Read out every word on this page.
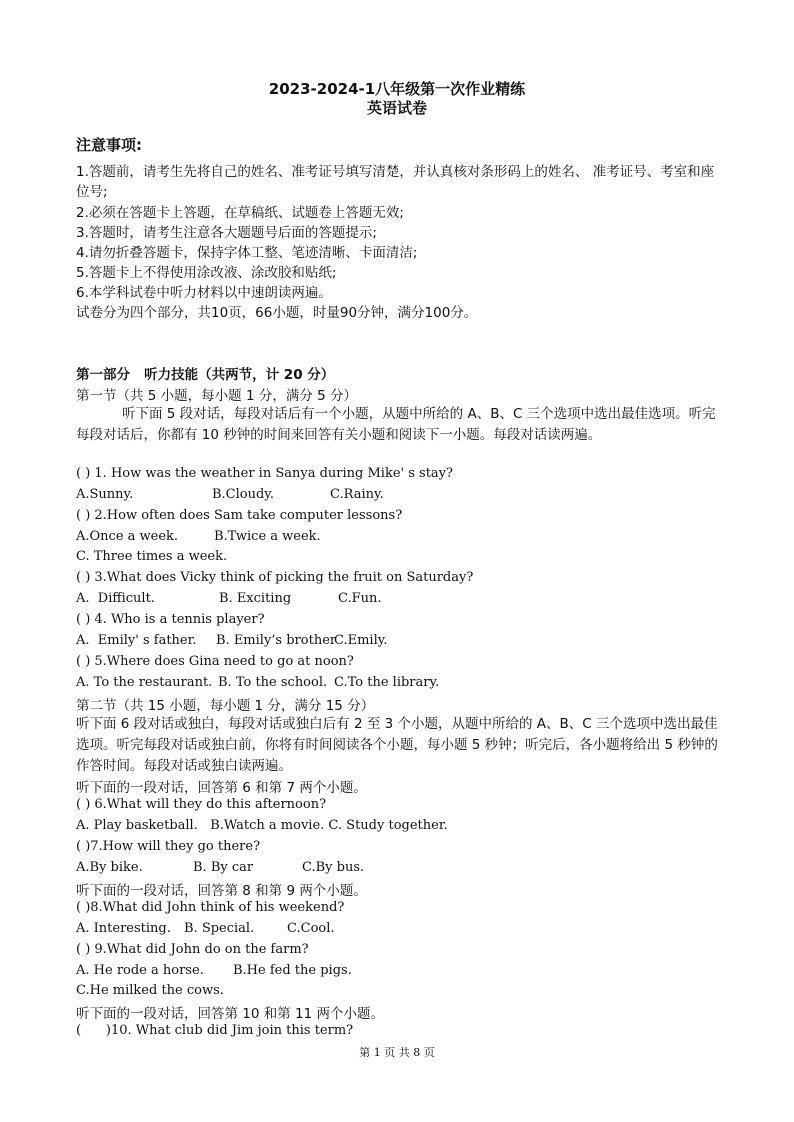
2023-2024-1八年级第一次作业精练
英语试卷
注意事项:
1.答题前，请考生先将自己的姓名、准考证号填写清楚，并认真核对条形码上的姓名、 准考证号、考室和座位号;
2.必须在答题卡上答题，在草稿纸、试题卷上答题无效;
3.答题时，请考生注意各大题题号后面的答题提示;
4.请勿折叠答题卡，保持字体工整、笔迹清晰、卡面清洁;
5.答题卡上不得使用涂改液、涂改胶和贴纸;
6.本学科试卷中听力材料以中速朗读两遍。
试卷分为四个部分，共10页，66小题，时量90分钟，满分100分。
第一部分   听力技能（共两节，计 20 分）
第一节（共 5 小题，每小题 1 分，满分 5 分）
听下面 5 段对话，每段对话后有一个小题，从题中所给的 A、B、C 三个选项中选出最佳选项。听完每段对话后，你都有 10 秒钟的时间来回答有关小题和阅读下一小题。每段对话读两遍。
( ) 1. How was the weather in Sanya during Mike' s stay?
A.Sunny.	B.Cloudy.	C.Rainy.
( ) 2.How often does Sam take computer lessons?
A.Once a week.	B.Twice a week.
C. Three times a week.
( ) 3.What does Vicky think of picking the fruit on Saturday?
A.  Difficult.	B. Exciting	C.Fun.
( ) 4. Who is a tennis player?
A.  Emily' s father. B. Emily’s brother
C.Emily.
( ) 5.Where does Gina need to go at noon?
A. To the restaurant. B. To the school. C.To the library.
第二节（共 15 小题，每小题 1 分，满分 15 分）
听下面 6 段对话或独白，每段对话或独白后有 2 至 3 个小题，从题中所给的 A、B、C 三个选项中选出最佳选项。听完每段对话或独白前，你将有时间阅读各个小题，每小题 5 秒钟；听完后，各小题将给出 5 秒钟的作答时间。每段对话或独白读两遍。
听下面的一段对话，回答第 6 和第 7 两个小题。
( ) 6.What will they do this afternoon?
A. Play basketball.   B.Watch a movie. C. Study together.
( )7.How will they go there?
A.By bike.	B. By car	C.By bus.
听下面的一段对话，回答第 8 和第 9 两个小题。
( )8.What did John think of his weekend?
A. Interesting. B. Special.	C.Cool.
( ) 9.What did John do on the farm?
A. He rode a horse. B.He fed the pigs.
C.He milked the cows.
听下面的一段对话，回答第 10 和第 11 两个小题。
(      )10. What club did Jim join this term?
第 1 页 共 8 页
